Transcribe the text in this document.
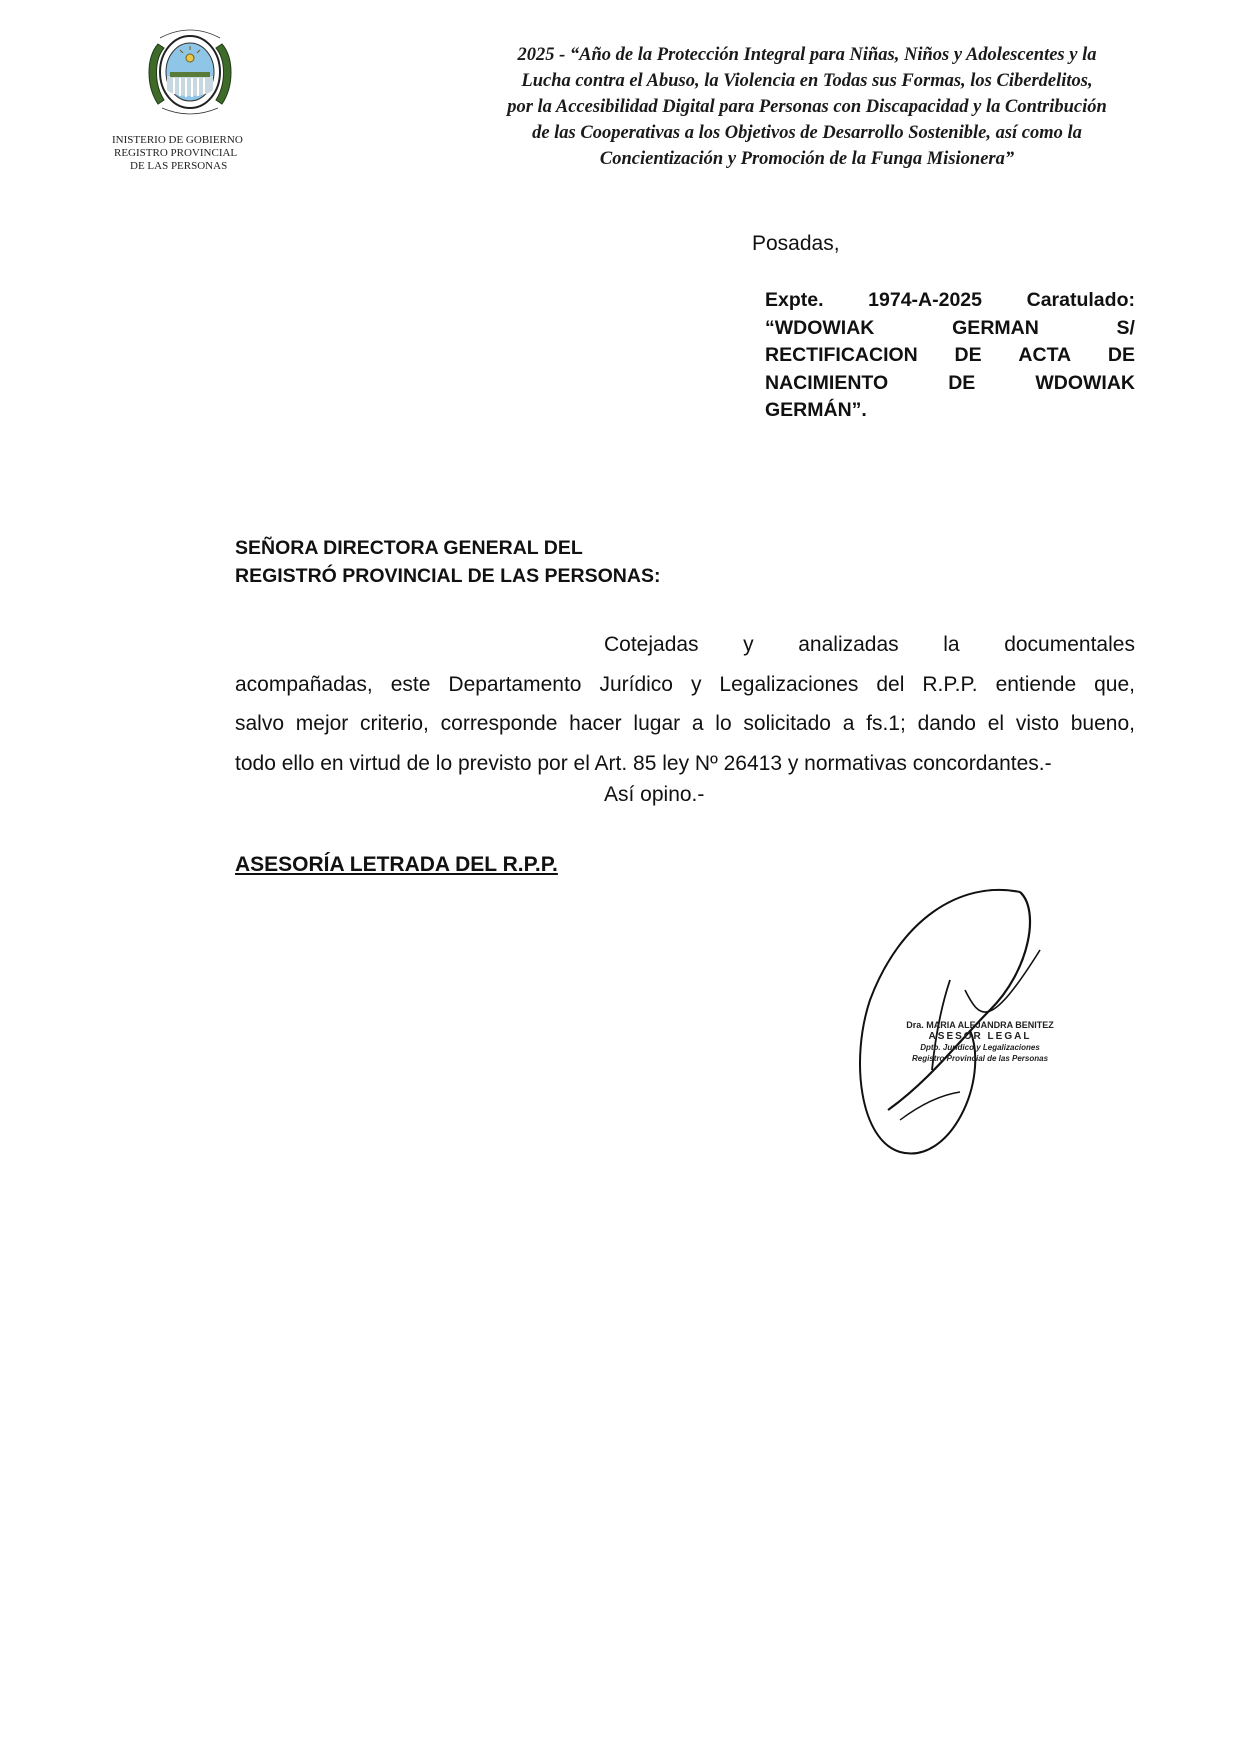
INISTERIO DE GOBIERNO
REGISTRO PROVINCIAL
DE LAS PERSONAS
2025 - “Año de la Protección Integral para Niñas, Niños y Adolescentes y la
Lucha contra el Abuso, la Violencia en Todas sus Formas, los Ciberdelitos,
por la Accesibilidad Digital para Personas con Discapacidad y la Contribución
de las Cooperativas a los Objetivos de Desarrollo Sostenible, así como la
Concientización y Promoción de la Funga Misionera”
Posadas,
Expte. 1974-A-2025 Caratulado:
“WDOWIAK	GERMAN	S/
RECTIFICACION DE ACTA DE
NACIMIENTO	DE	WDOWIAK
GERMÁN”.
SEÑORA DIRECTORA GENERAL DEL
REGISTRÓ PROVINCIAL DE LAS PERSONAS:
Cotejadas y analizadas la documentales
acompañadas, este Departamento Jurídico y Legalizaciones del R.P.P. entiende que,
salvo mejor criterio, corresponde hacer lugar a lo solicitado a fs.1; dando el visto bueno,
todo ello en virtud de lo previsto por el Art. 85 ley Nº 26413 y normativas concordantes.-
Así opino.-
ASESORÍA LETRADA DEL R.P.P.
Dra. MARIA ALEJANDRA BENITEZ
ASESOR LEGAL
Dpto. Jurídico y Legalizaciones
Registro Provincial de las Personas
